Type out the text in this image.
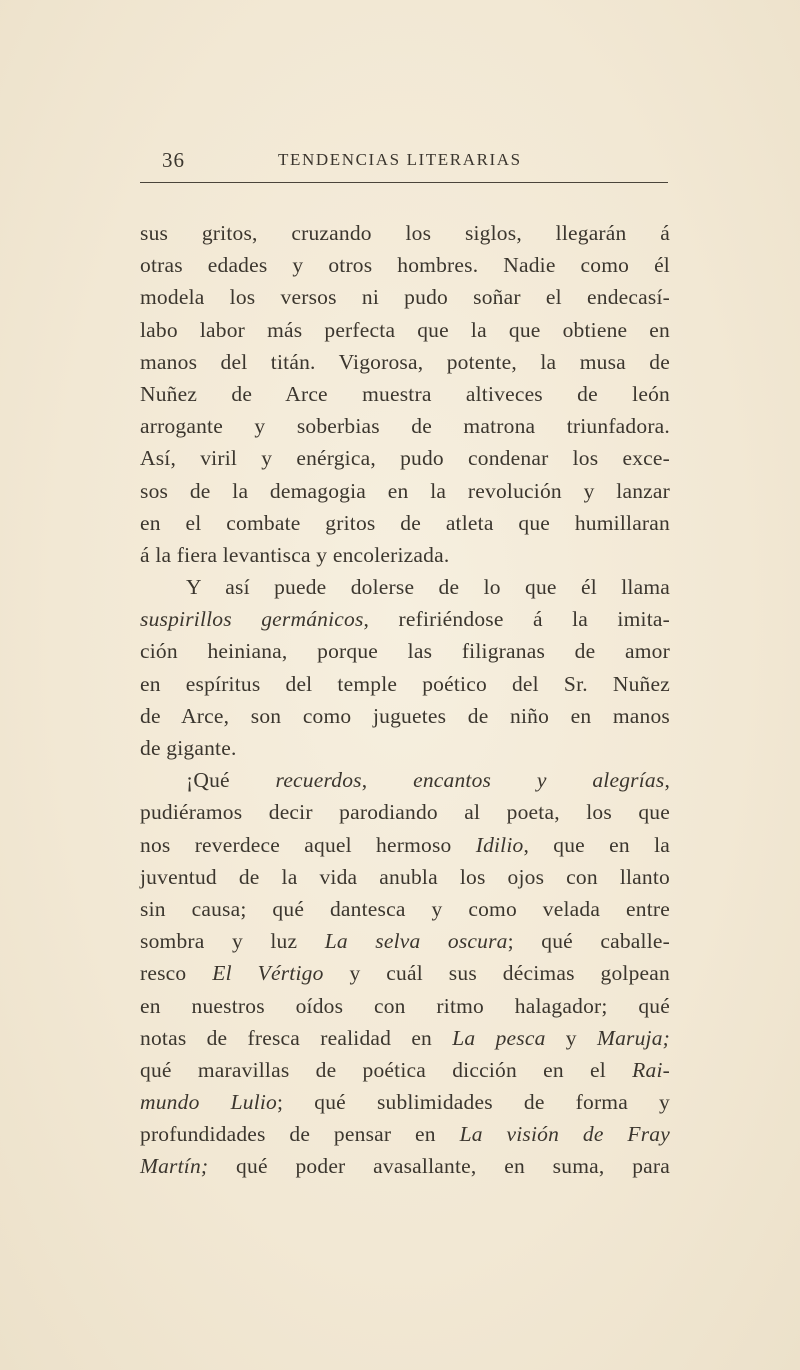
36	TENDENCIAS LITERARIAS
sus gritos, cruzando los siglos, llegarán á
otras edades y otros hombres. Nadie como él
modela los versos ni pudo soñar el endecasí-
labo labor más perfecta que la que obtiene en
manos del titán. Vigorosa, potente, la musa de
Nuñez de Arce muestra altiveces de león
arrogante y soberbias de matrona triunfadora.
Así, viril y enérgica, pudo condenar los exce-
sos de la demagogia en la revolución y lanzar
en el combate gritos de atleta que humillaran
á la fiera levantisca y encolerizada.
Y así puede dolerse de lo que él llama
suspirillos germánicos, refiriéndose á la imita-
ción heiniana, porque las filigranas de amor
en espíritus del temple poético del Sr. Nuñez
de Arce, son como juguetes de niño en manos
de gigante.
¡Qué recuerdos, encantos y alegrías,
pudiéramos decir parodiando al poeta, los que
nos reverdece aquel hermoso Idilio, que en la
juventud de la vida anubla los ojos con llanto
sin causa; qué dantesca y como velada entre
sombra y luz La selva oscura; qué caballe-
resco El Vértigo y cuál sus décimas golpean
en nuestros oídos con ritmo halagador; qué
notas de fresca realidad en La pesca y Maruja;
qué maravillas de poética dicción en el Rai-
mundo Lulio; qué sublimidades de forma y
profundidades de pensar en La visión de Fray
Martín; qué poder avasallante, en suma, para
